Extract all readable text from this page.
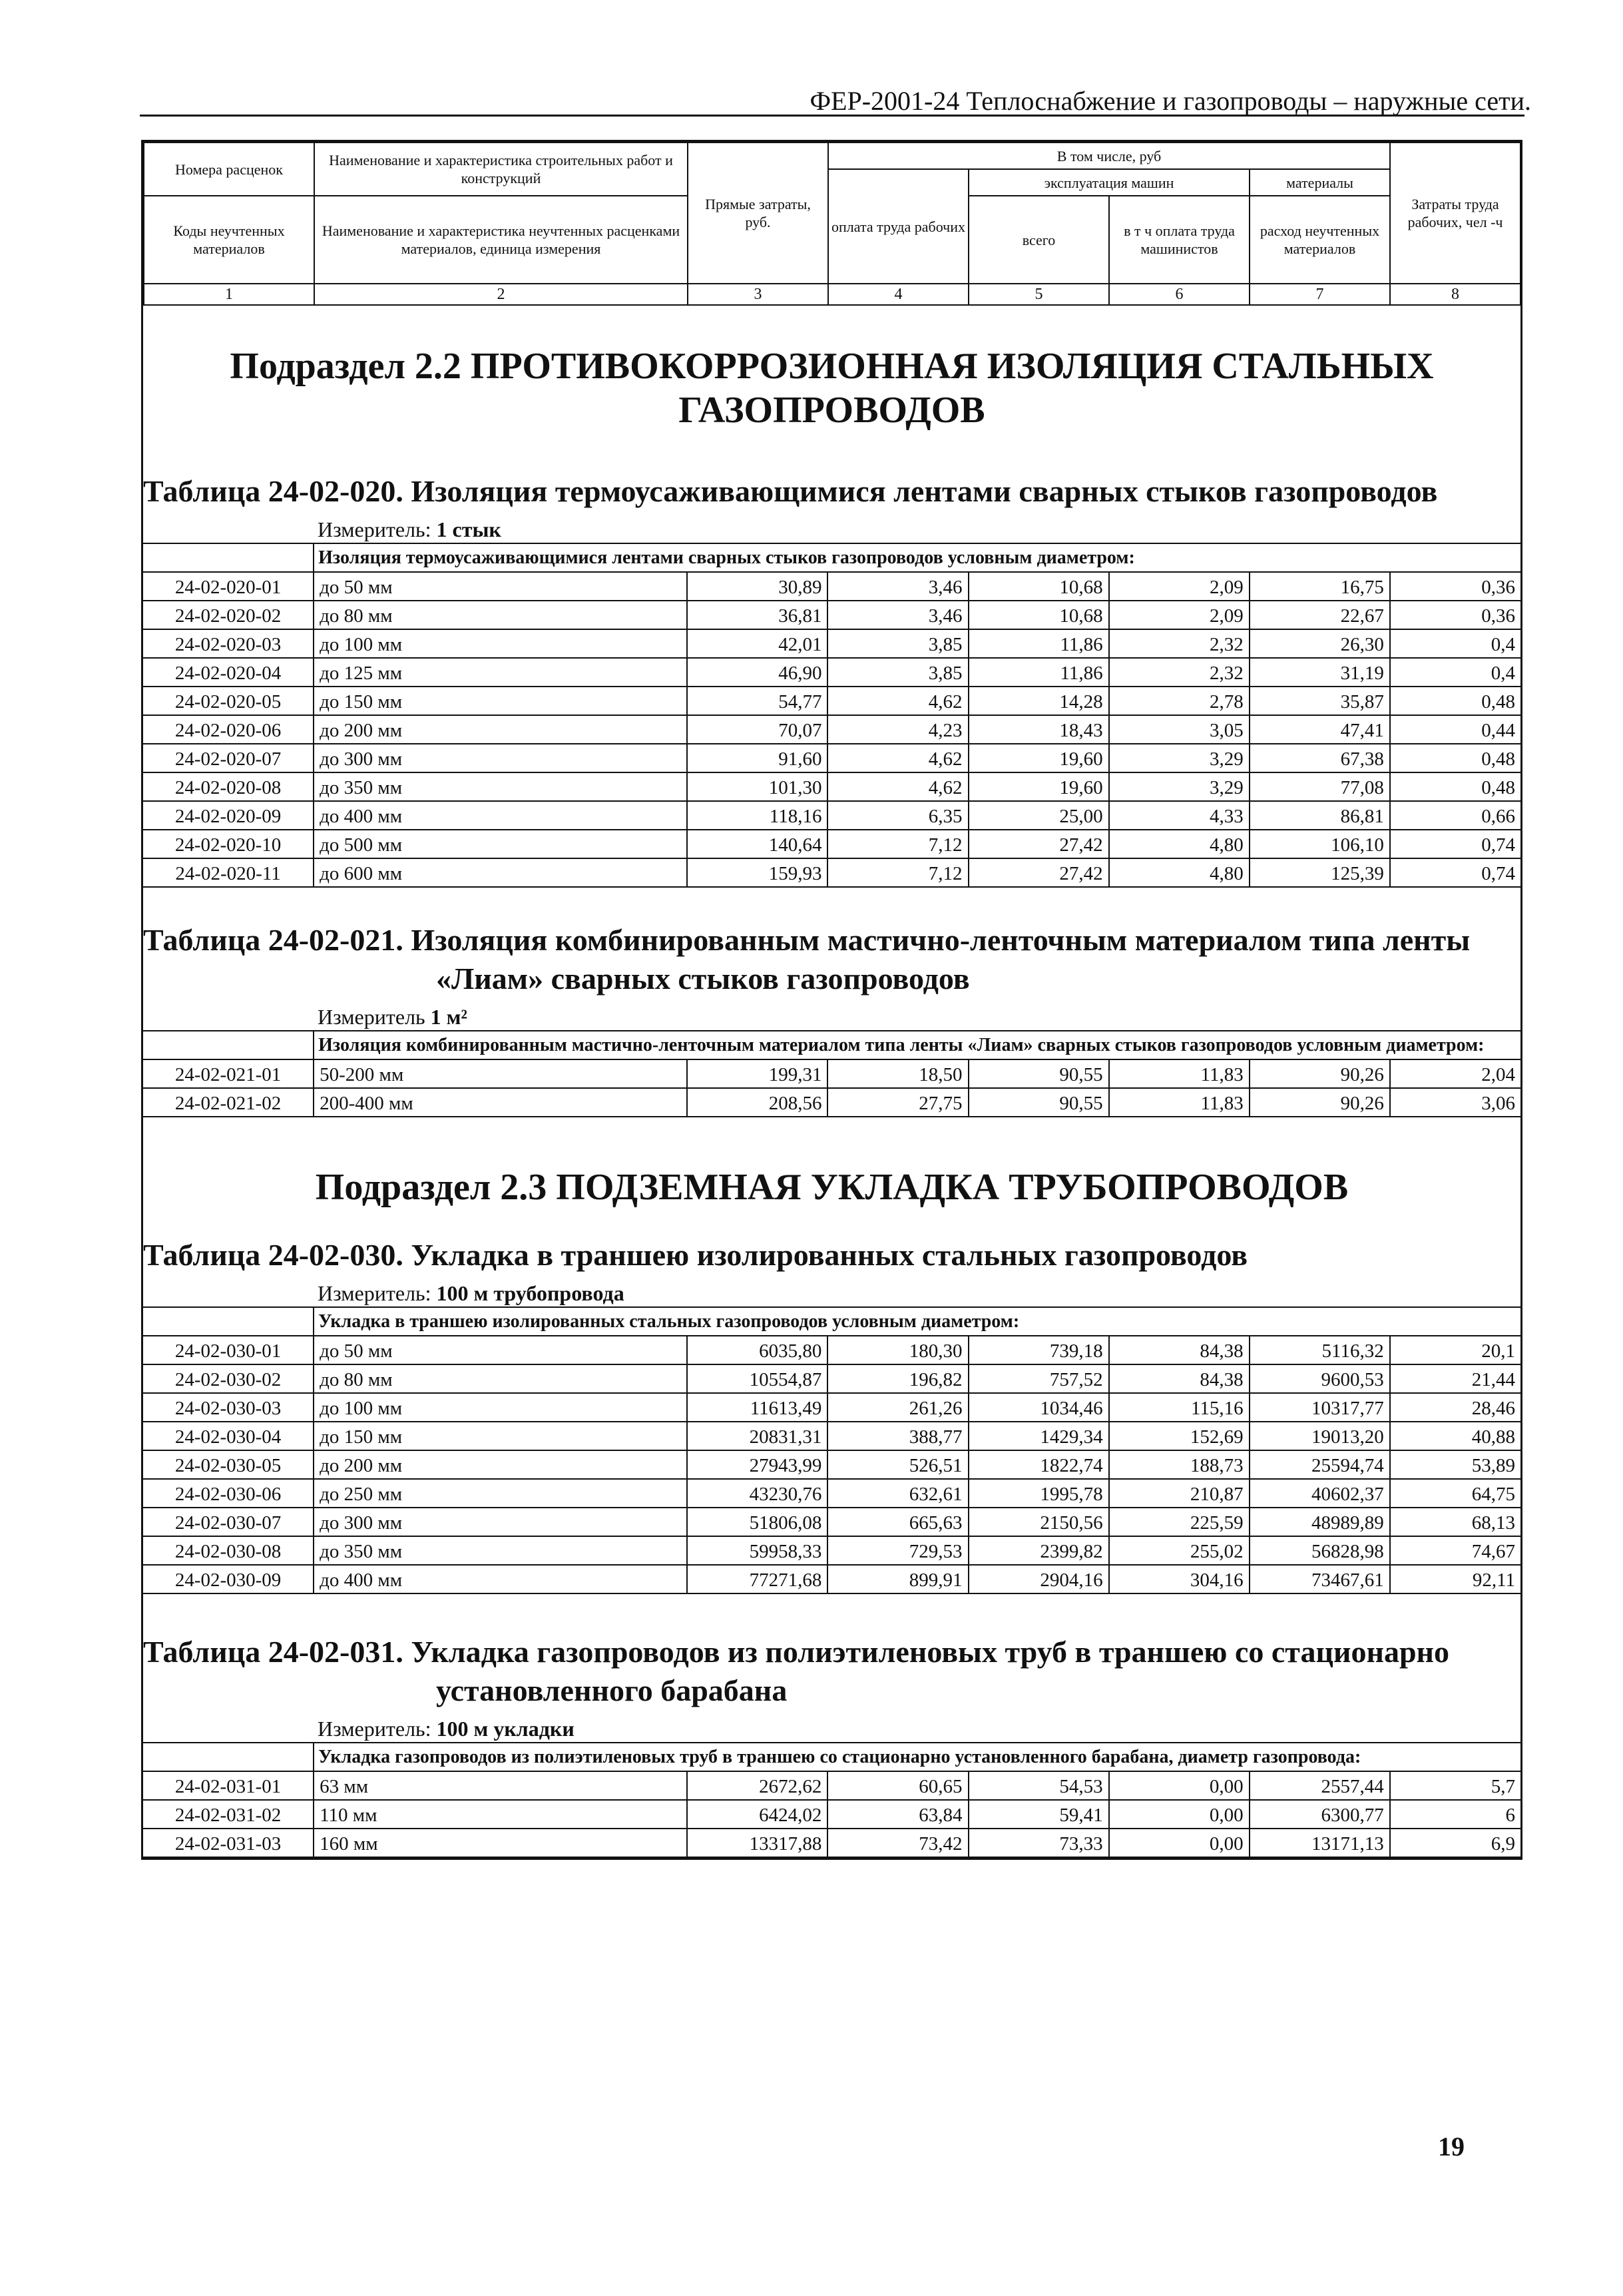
ФЕР-2001-24 Теплоснабжение и газопроводы – наружные сети.
Номера расценок	Наименование и характеристика строительных работ и конструкций	Прямые затраты, руб.	В том числе, руб				Затраты труда рабочих, чел -ч
			оплата труда рабочих	эксплуатация машин		материалы	
Коды неучтенных материалов	Наименование и характеристика неучтенных расценками материалов, единица измерения			всего	в т ч оплата труда машинистов	расход неучтенных материалов	

1	2	3	4	5	6	7	8
Подраздел 2.2 ПРОТИВОКОРРОЗИОННАЯ ИЗОЛЯЦИЯ СТАЛЬНЫХ ГАЗОПРОВОДОВ
Таблица 24-02-020. Изоляция термоусаживающимися лентами сварных стыков газопроводов
Измеритель: 1 стык
	Изоляция термоусаживающимися лентами сварных стыков газопроводов условным диаметром:						
24-02-020-01	до 50 мм	30,89	3,46	10,68	2,09	16,75	0,36
24-02-020-02	до 80 мм	36,81	3,46	10,68	2,09	22,67	0,36
24-02-020-03	до 100 мм	42,01	3,85	11,86	2,32	26,30	0,4
24-02-020-04	до 125 мм	46,90	3,85	11,86	2,32	31,19	0,4
24-02-020-05	до 150 мм	54,77	4,62	14,28	2,78	35,87	0,48
24-02-020-06	до 200 мм	70,07	4,23	18,43	3,05	47,41	0,44
24-02-020-07	до 300 мм	91,60	4,62	19,60	3,29	67,38	0,48
24-02-020-08	до 350 мм	101,30	4,62	19,60	3,29	77,08	0,48
24-02-020-09	до 400 мм	118,16	6,35	25,00	4,33	86,81	0,66
24-02-020-10	до 500 мм	140,64	7,12	27,42	4,80	106,10	0,74
24-02-020-11	до 600 мм	159,93	7,12	27,42	4,80	125,39	0,74
Таблица 24-02-021. Изоляция комбинированным мастично-ленточным материалом типа ленты «Лиам» сварных стыков газопроводов
Измеритель 1 м²
	Изоляция комбинированным мастично-ленточным материалом типа ленты «Лиам» сварных стыков газопроводов условным диаметром:						
24-02-021-01	50-200 мм	199,31	18,50	90,55	11,83	90,26	2,04
24-02-021-02	200-400 мм	208,56	27,75	90,55	11,83	90,26	3,06
Подраздел 2.3 ПОДЗЕМНАЯ УКЛАДКА ТРУБОПРОВОДОВ
Таблица 24-02-030. Укладка в траншею изолированных стальных газопроводов
Измеритель: 100 м трубопровода
	Укладка в траншею изолированных стальных газопроводов условным диаметром:						
24-02-030-01	до 50 мм	6035,80	180,30	739,18	84,38	5116,32	20,1
24-02-030-02	до 80 мм	10554,87	196,82	757,52	84,38	9600,53	21,44
24-02-030-03	до 100 мм	11613,49	261,26	1034,46	115,16	10317,77	28,46
24-02-030-04	до 150 мм	20831,31	388,77	1429,34	152,69	19013,20	40,88
24-02-030-05	до 200 мм	27943,99	526,51	1822,74	188,73	25594,74	53,89
24-02-030-06	до 250 мм	43230,76	632,61	1995,78	210,87	40602,37	64,75
24-02-030-07	до 300 мм	51806,08	665,63	2150,56	225,59	48989,89	68,13
24-02-030-08	до 350 мм	59958,33	729,53	2399,82	255,02	56828,98	74,67
24-02-030-09	до 400 мм	77271,68	899,91	2904,16	304,16	73467,61	92,11
Таблица 24-02-031. Укладка газопроводов из полиэтиленовых труб в траншею со стационарно установленного барабана
Измеритель: 100 м укладки
	Укладка газопроводов из полиэтиленовых труб в траншею со стационарно установленного барабана, диаметр газопровода:						
24-02-031-01	63 мм	2672,62	60,65	54,53	0,00	2557,44	5,7
24-02-031-02	110 мм	6424,02	63,84	59,41	0,00	6300,77	6
24-02-031-03	160 мм	13317,88	73,42	73,33	0,00	13171,13	6,9
19
